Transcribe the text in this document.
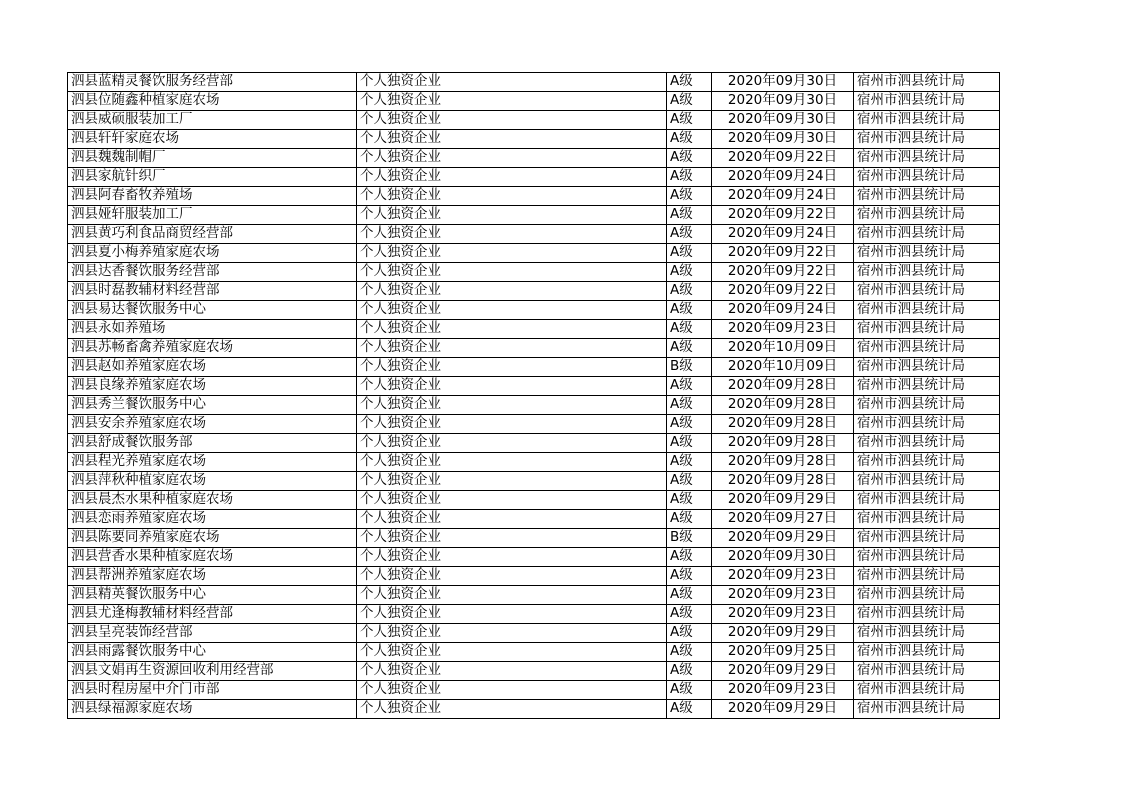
泗县蓝精灵餐饮服务经营部	个人独资企业	A级	2020年09月30日	宿州市泗县统计局
泗县位随鑫种植家庭农场	个人独资企业	A级	2020年09月30日	宿州市泗县统计局
泗县威硕服装加工厂	个人独资企业	A级	2020年09月30日	宿州市泗县统计局
泗县轩轩家庭农场	个人独资企业	A级	2020年09月30日	宿州市泗县统计局
泗县魏魏制帽厂	个人独资企业	A级	2020年09月22日	宿州市泗县统计局
泗县家航针织厂	个人独资企业	A级	2020年09月24日	宿州市泗县统计局
泗县阿春畜牧养殖场	个人独资企业	A级	2020年09月24日	宿州市泗县统计局
泗县娅轩服装加工厂	个人独资企业	A级	2020年09月22日	宿州市泗县统计局
泗县黄巧利食品商贸经营部	个人独资企业	A级	2020年09月24日	宿州市泗县统计局
泗县夏小梅养殖家庭农场	个人独资企业	A级	2020年09月22日	宿州市泗县统计局
泗县达香餐饮服务经营部	个人独资企业	A级	2020年09月22日	宿州市泗县统计局
泗县时磊教辅材料经营部	个人独资企业	A级	2020年09月22日	宿州市泗县统计局
泗县易达餐饮服务中心	个人独资企业	A级	2020年09月24日	宿州市泗县统计局
泗县永如养殖场	个人独资企业	A级	2020年09月23日	宿州市泗县统计局
泗县苏畅畜禽养殖家庭农场	个人独资企业	A级	2020年10月09日	宿州市泗县统计局
泗县赵如养殖家庭农场	个人独资企业	B级	2020年10月09日	宿州市泗县统计局
泗县良缘养殖家庭农场	个人独资企业	A级	2020年09月28日	宿州市泗县统计局
泗县秀兰餐饮服务中心	个人独资企业	A级	2020年09月28日	宿州市泗县统计局
泗县安余养殖家庭农场	个人独资企业	A级	2020年09月28日	宿州市泗县统计局
泗县舒成餐饮服务部	个人独资企业	A级	2020年09月28日	宿州市泗县统计局
泗县程光养殖家庭农场	个人独资企业	A级	2020年09月28日	宿州市泗县统计局
泗县萍秋种植家庭农场	个人独资企业	A级	2020年09月28日	宿州市泗县统计局
泗县晨杰水果种植家庭农场	个人独资企业	A级	2020年09月29日	宿州市泗县统计局
泗县恋雨养殖家庭农场	个人独资企业	A级	2020年09月27日	宿州市泗县统计局
泗县陈要同养殖家庭农场	个人独资企业	B级	2020年09月29日	宿州市泗县统计局
泗县营香水果种植家庭农场	个人独资企业	A级	2020年09月30日	宿州市泗县统计局
泗县帮洲养殖家庭农场	个人独资企业	A级	2020年09月23日	宿州市泗县统计局
泗县精英餐饮服务中心	个人独资企业	A级	2020年09月23日	宿州市泗县统计局
泗县尤逢梅教辅材料经营部	个人独资企业	A级	2020年09月23日	宿州市泗县统计局
泗县呈亮装饰经营部	个人独资企业	A级	2020年09月29日	宿州市泗县统计局
泗县雨露餐饮服务中心	个人独资企业	A级	2020年09月25日	宿州市泗县统计局
泗县文娟再生资源回收利用经营部	个人独资企业	A级	2020年09月29日	宿州市泗县统计局
泗县时程房屋中介门市部	个人独资企业	A级	2020年09月23日	宿州市泗县统计局
泗县绿福源家庭农场	个人独资企业	A级	2020年09月29日	宿州市泗县统计局
